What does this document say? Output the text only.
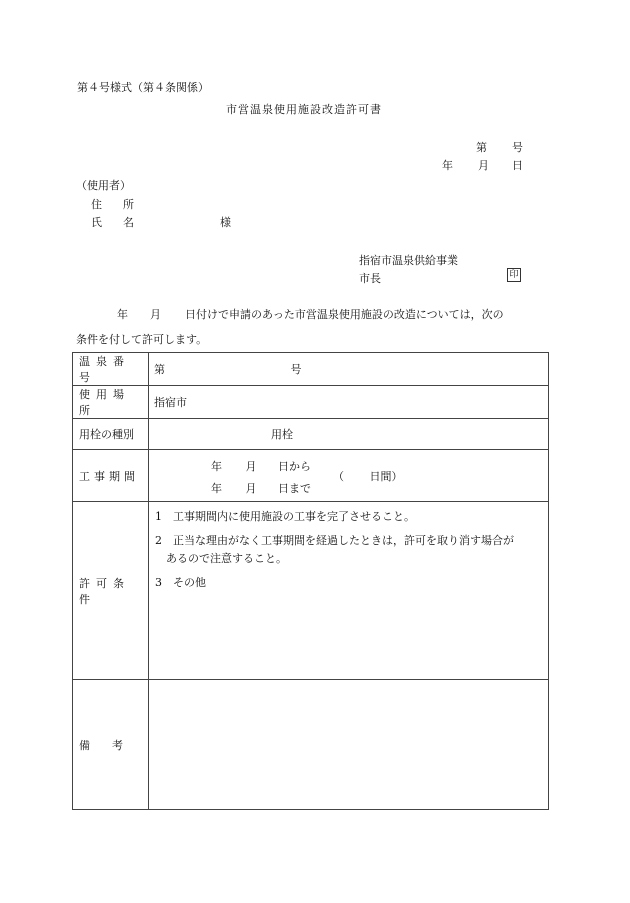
第４号様式（第４条関係）
市営温泉使用施設改造許可書
第 号
年 月 日
（使用者）
住　所
氏　名	様
指宿市温泉供給事業
市長	印
年 月 日付けで申請のあった市営温泉使用施設の改造については，次の
条件を付して許可します。
温泉番号	第 号

使用場所	指宿市

用栓の種別	用栓

工事期間	年 月 日から
年 月 日まで
（ 日間）

許可条件	1　工事期間内に使用施設の工事を完了させること。

2　正当な理由がなく工事期間を経過したときは，許可を取り消す場合が

　あるので注意すること。

3　その他

備　　考	
